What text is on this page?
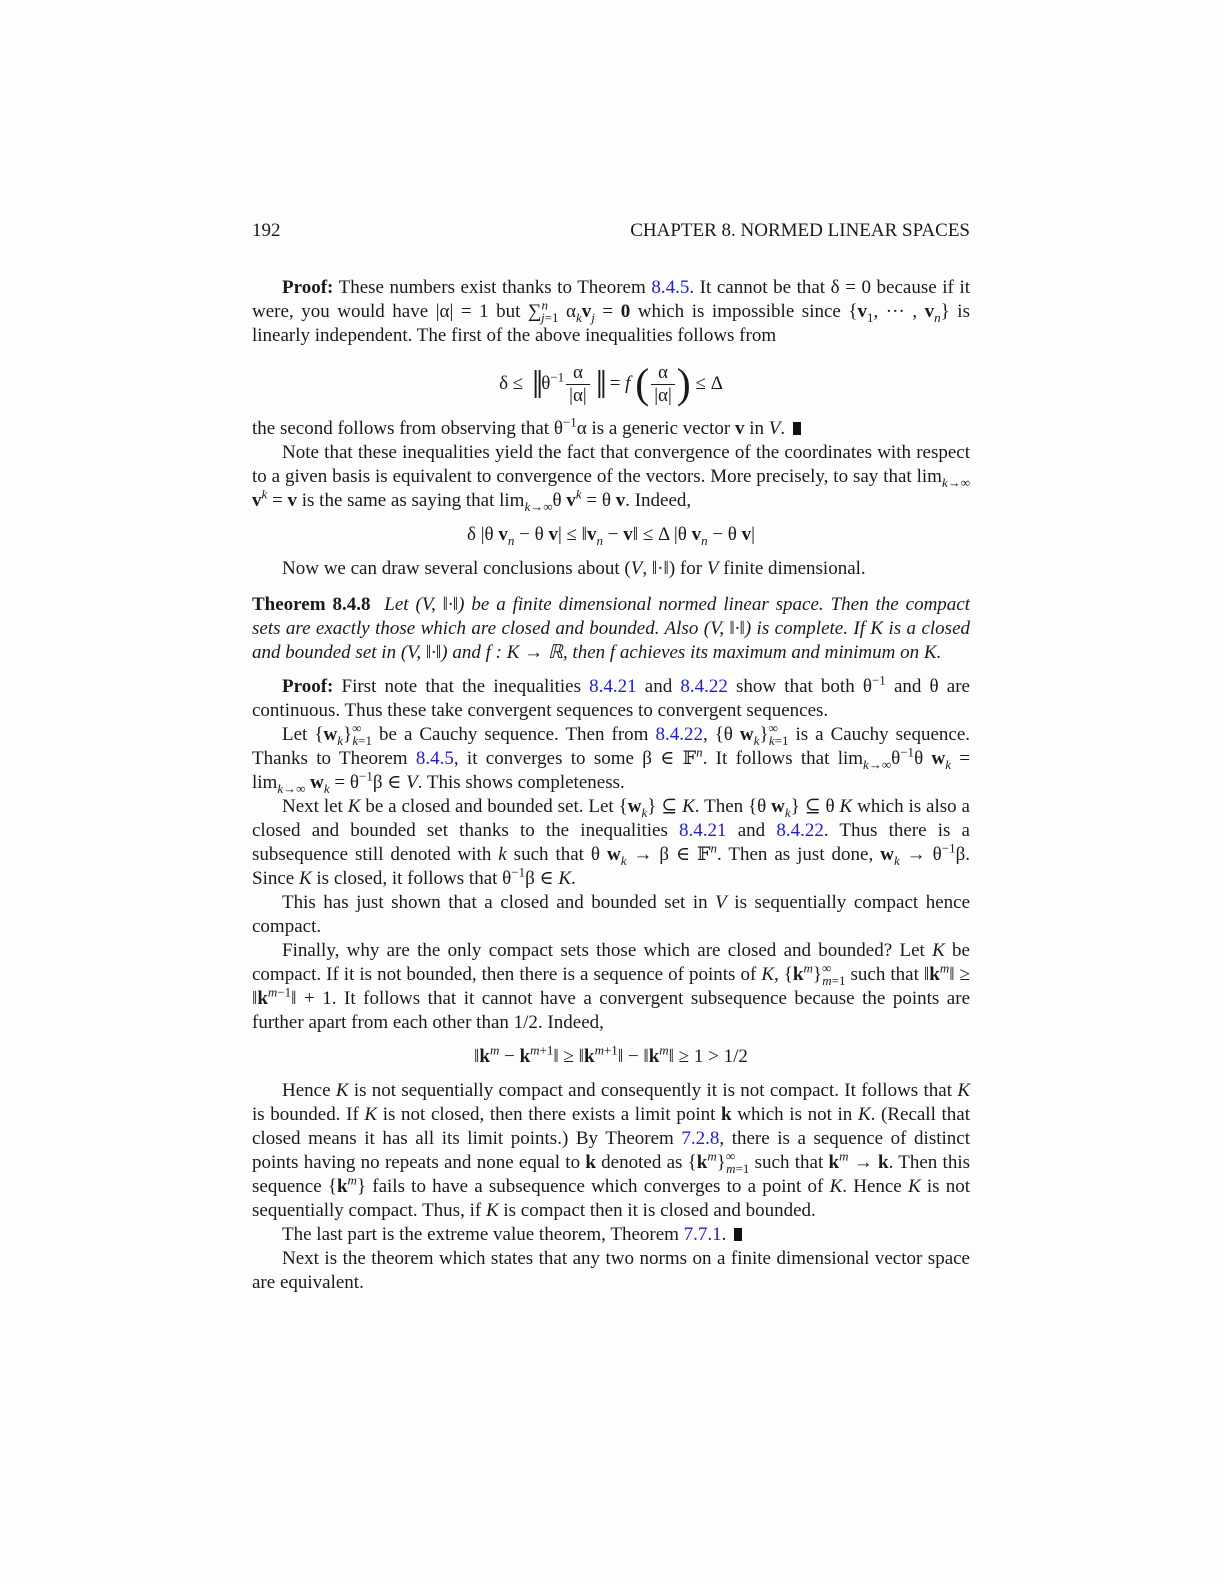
192	CHAPTER 8. NORMED LINEAR SPACES

Proof: These numbers exist thanks to Theorem 8.4.5. It cannot be that δ = 0 because if it were, you would have |α| = 1 but ∑$^n_{j=1}$ $\alpha_kv_j = 0$ which is impossible since {$v_1$, ··· , $v_n$} is linearly independent. The first of the above inequalities follows from

δ ≤ ‖ $\theta^{-1} \frac{\alpha}{|\alpha|}$ ‖ = f ( $\frac{\alpha}{|\alpha|}$ ) ≤ Δ

the second follows from observing that $\theta^{-1}\alpha$ is a generic vector v in V.

Note that these inequalities yield the fact that convergence of the coordinates with respect to a given basis is equivalent to convergence of the vectors. More precisely, to say that $\lim_{k\to\infty} v^k = v$ is the same as saying that $\lim_{k\to\infty}\theta$ $v^k = \theta$ v. Indeed,

δ |θ $v_n - \theta$ $v| \le ‖v_n$ − v‖ ≤ Δ |θ $v_n - \theta$ v|

Now we can draw several conclusions about (V, ‖·‖) for V finite dimensional.

Theorem 8.4.8  Let (V, ‖·‖) be a finite dimensional normed linear space. Then the compact sets are exactly those which are closed and bounded. Also (V, ‖·‖) is complete. If K is a closed and bounded set in (V, ‖·‖) and f : K → ℝ, then f achieves its maximum and minimum on K.

Proof: First note that the inequalities 8.4.21 and 8.4.22 show that both $\theta^{-1}$ and θ are continuous. Thus these take convergent sequences to convergent sequences.

Let $\{w_k\}^\infty_{k=1}$ be a Cauchy sequence. Then from 8.4.22, {θ $w_k\}^\infty_{k=1}$ is a Cauchy sequence. Thanks to Theorem 8.4.5, it converges to some β ∈ 𝔽$^n$. It follows that $\lim_{k\to\infty}\theta^{-1}\theta$ $w_k = \lim_{k\to\infty} w_k = \theta^{-1}\beta$ ∈ V. This shows completeness.

Next let K be a closed and bounded set. Let $\{w_k\}$ ⊆ K. Then {θ $w_k$} ⊆ θ K which is also a closed and bounded set thanks to the inequalities 8.4.21 and 8.4.22. Thus there is a subsequence still denoted with k such that θ $w_k \to \beta$ ∈ 𝔽$^n$. Then as just done, $w_k \to \theta^{-1}\beta$. Since K is closed, it follows that $\theta^{-1}\beta$ ∈ K.

This has just shown that a closed and bounded set in V is sequentially compact hence compact.

Finally, why are the only compact sets those which are closed and bounded? Let K be compact. If it is not bounded, then there is a sequence of points of K, $\{k^m\}^\infty_{m=1}$ such that $‖k^m‖$ ≥ $‖k^{m-1}‖ + 1$. It follows that it cannot have a convergent subsequence because the points are further apart from each other than 1/2. Indeed,

$‖k^m$ − $k^{m+1}‖$ ≥ $‖k^{m+1}‖$ − $‖k^m‖ \ge 1 > 1/2$

Hence K is not sequentially compact and consequently it is not compact. It follows that K is bounded. If K is not closed, then there exists a limit point k which is not in K. (Recall that closed means it has all its limit points.) By Theorem 7.2.8, there is a sequence of distinct points having no repeats and none equal to k denoted as $\{k^m\}^\infty_{m=1}$ such that $k^m \to k$. Then this sequence $\{k^m\}$ fails to have a subsequence which converges to a point of K. Hence K is not sequentially compact. Thus, if K is compact then it is closed and bounded.

The last part is the extreme value theorem, Theorem 7.7.1.

Next is the theorem which states that any two norms on a finite dimensional vector space are equivalent.
